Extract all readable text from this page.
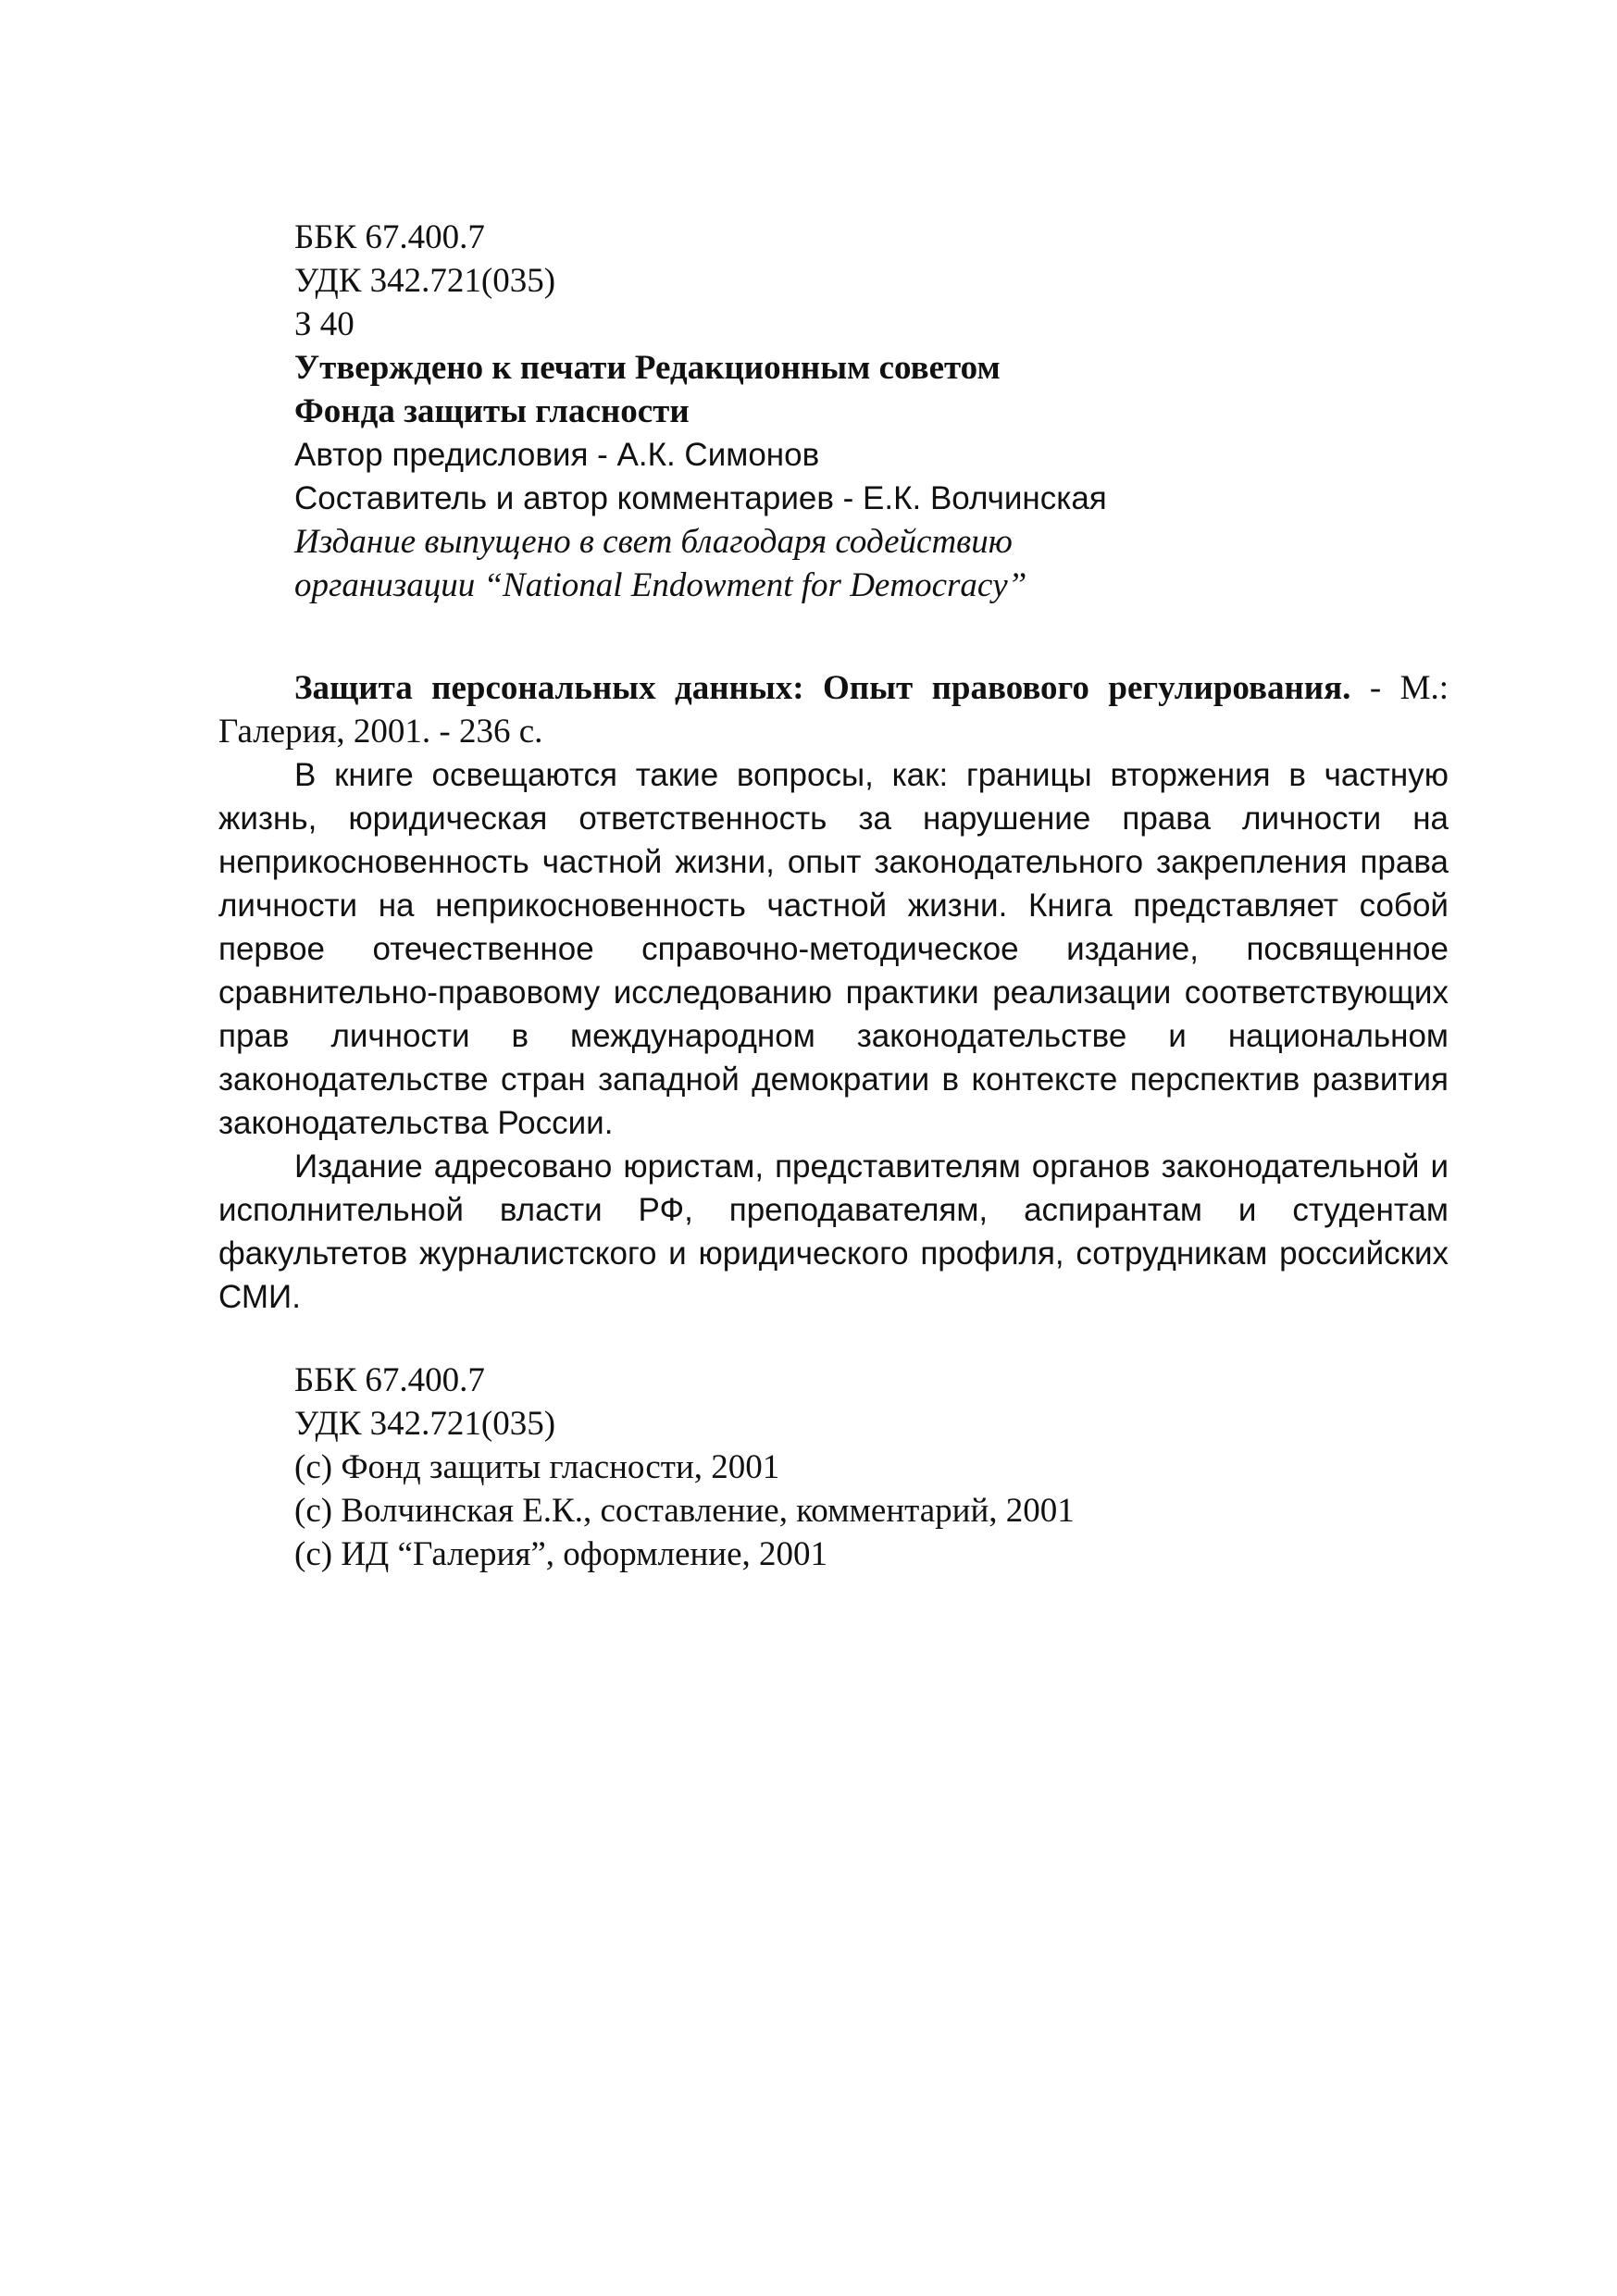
ББК 67.400.7
УДК 342.721(035)
З 40
Утверждено к печати Редакционным советом
Фонда защиты гласности
Автор предисловия - А.К. Симонов
Составитель и автор комментариев - Е.К. Волчинская
Издание выпущено в свет благодаря содействию
организации “National Endowment for Democracy”

Защита персональных данных: Опыт правового регулирования. - М.: Галерия, 2001. - 236 с.

В книге освещаются такие вопросы, как: границы вторжения в частную жизнь, юридическая ответственность за нарушение права личности на неприкосновенность частной жизни, опыт законодательного закрепления права личности на неприкосновенность частной жизни. Книга представляет собой первое отечественное справочно-методическое издание, посвященное сравнительно-правовому исследованию практики реализации соответствующих прав личности в международном законодательстве и национальном законодательстве стран западной демократии в контексте перспектив развития законодательства России.

Издание адресовано юристам, представителям органов законодательной и исполнительной власти РФ, преподавателям, аспирантам и студентам факультетов журналистского и юридического профиля, сотрудникам российских СМИ.

ББК 67.400.7
УДК 342.721(035)
(с) Фонд защиты гласности, 2001
(с) Волчинская Е.К., составление, комментарий, 2001
(с) ИД “Галерия”, оформление, 2001
